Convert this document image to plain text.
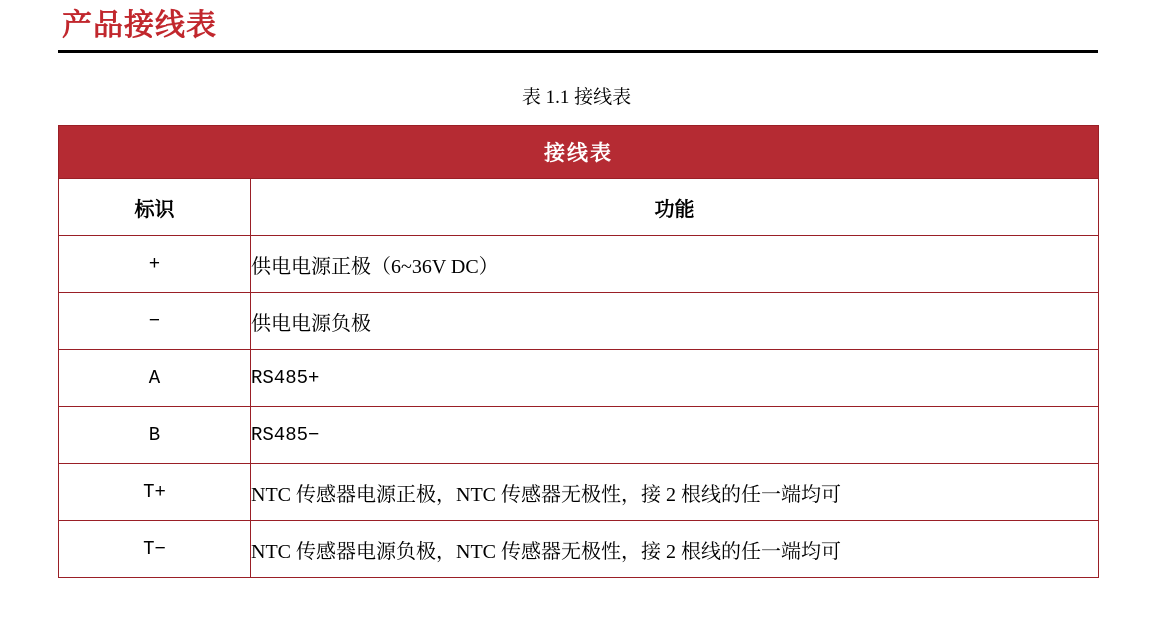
产品接线表
表 1.1 接线表
接线表	
标识	功能
+	供电电源正极（6~36V DC）
−	供电电源负极
A	RS485+
B	RS485−
T+	NTC 传感器电源正极，NTC 传感器无极性，接 2 根线的任一端均可
T−	NTC 传感器电源负极，NTC 传感器无极性，接 2 根线的任一端均可
